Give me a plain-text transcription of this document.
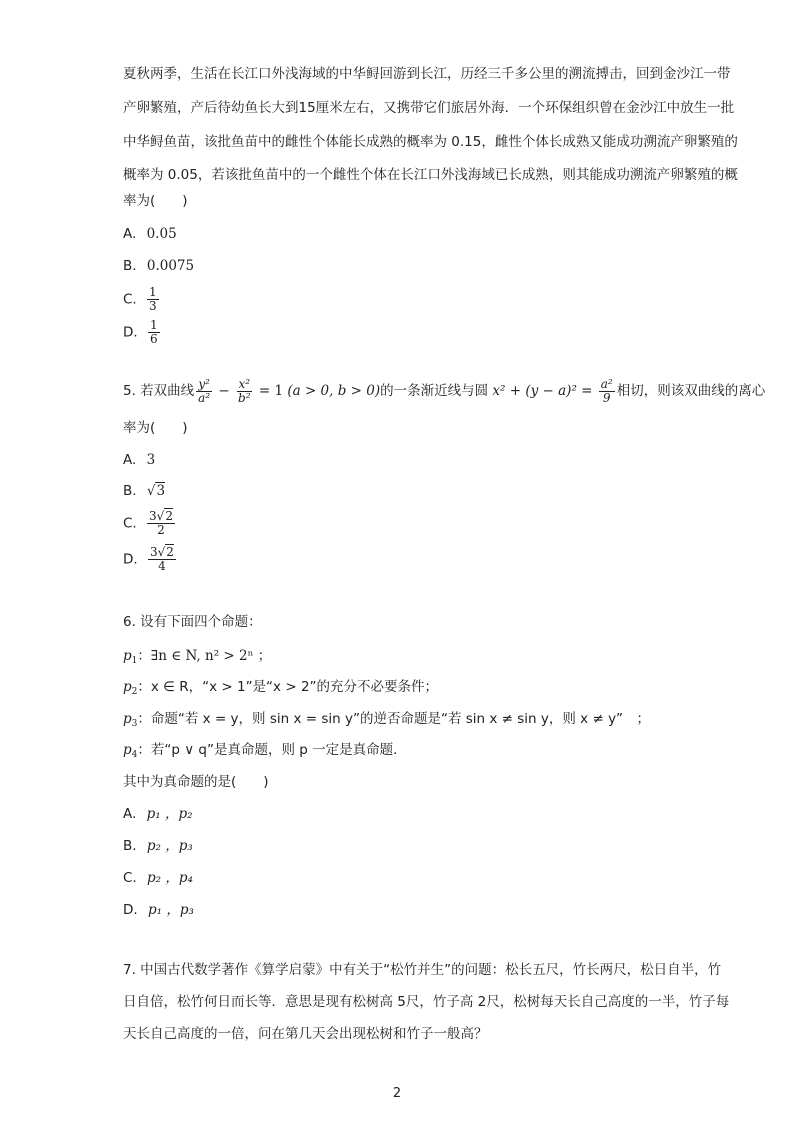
夏秋两季，生活在长江口外浅海域的中华鲟回游到长江，历经三千多公里的溯流搏击，回到金沙江一带
产卵繁殖，产后待幼鱼长大到15厘米左右，又携带它们旅居外海．一个环保组织曾在金沙江中放生一批
中华鲟鱼苗，该批鱼苗中的雌性个体能长成熟的概率为 0.15，雌性个体长成熟又能成功溯流产卵繁殖的
概率为 0.05，若该批鱼苗中的一个雌性个体在长江口外浅海域已长成熟，则其能成功溯流产卵繁殖的概
率为(　　)
A. 0.05
B. 0.0075
C. $\frac{1}{3}$
D. $\frac{1}{6}$
5. 若双曲线 $\frac{\text{y²}}{\text{a²}} - \frac{\text{x²}}{\text{b²}} = 1$ (a > 0, b > 0)的一条渐近线与圆 $x^2 + (y - a)^2 = \frac{\text{a²}}{9}$ 相切，则该双曲线的离心
率为(　　)
A. 3
B. √3
C. $\frac{3√2}{2}$
D. $\frac{3√2}{4}$
6. 设有下面四个命题：
$p_1$：∃n ∈ N, n² > 2ⁿ ；
$p_2$：x ∈ R，“x > 1”是“x > 2”的充分不必要条件；
$p_3$：命题“若 x = y，则 sin x = sin y”的逆否命题是“若 sin x ≠ sin y，则 x ≠ y”　；
$p_4$：若“p ∨ q”是真命题，则 p 一定是真命题．
其中为真命题的是(　　)
A. p₁ ，p₂
B. p₂ ，p₃
C. p₂ ，p₄
D. p₁ ，p₃
7. 中国古代数学著作《算学启蒙》中有关于“松竹并生”的问题：松长五尺，竹长两尺，松日自半，竹
日自倍，松竹何日而长等．意思是现有松树高 5尺，竹子高 2尺，松树每天长自己高度的一半，竹子每
天长自己高度的一倍，问在第几天会出现松树和竹子一般高？
2
